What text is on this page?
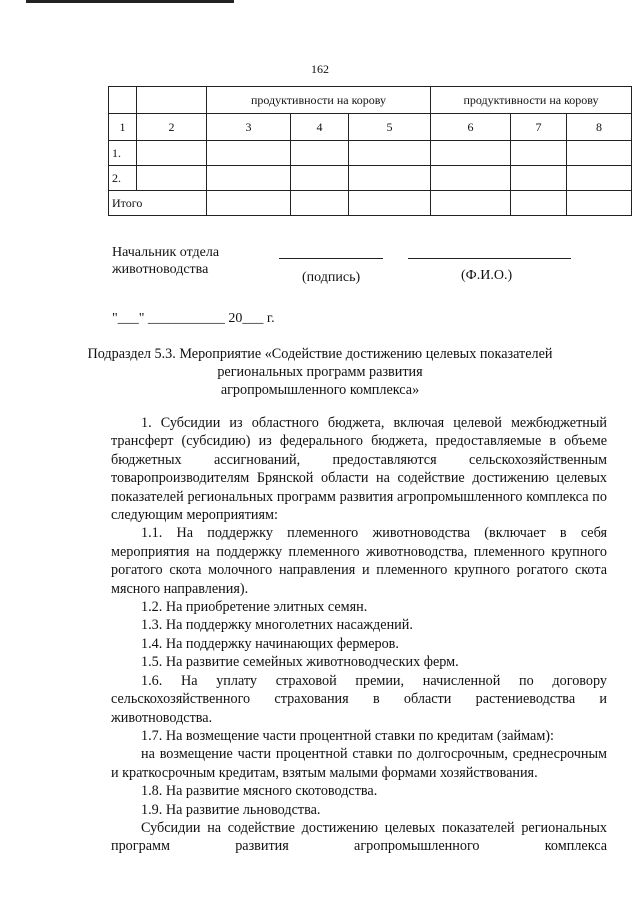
162
		продуктивности на корову			продуктивности на корову		
1	2	3	4	5	6	7	8
1.							
2.							
Итого							
Начальник отдела
животноводства
(подпись)	(Ф.И.О.)
"___" ___________ 20___ г.
Подраздел 5.3. Мероприятие «Содействие достижению целевых показателей
региональных программ развития
агропромышленного комплекса»

1. Субсидии из областного бюджета, включая целевой межбюджетный трансферт (субсидию) из федерального бюджета, предоставляемые в объеме бюджетных ассигнований, предоставляются сельскохозяйственным товаропроизводителям Брянской области на содействие достижению целевых показателей региональных программ развития агропромышленного комплекса по следующим мероприятиям:

1.1. На поддержку племенного животноводства (включает в себя мероприятия на поддержку племенного животноводства, племенного крупного рогатого скота молочного направления и племенного крупного рогатого скота мясного направления).

1.2. На приобретение элитных семян.

1.3. На поддержку многолетних насаждений.

1.4. На поддержку начинающих фермеров.

1.5. На развитие семейных животноводческих ферм.

1.6. На уплату страховой премии, начисленной по договору сельскохозяйственного страхования в области растениеводства и животноводства.

1.7. На возмещение части процентной ставки по кредитам (займам):

на возмещение части процентной ставки по долгосрочным, среднесрочным и краткосрочным кредитам, взятым малыми формами хозяйствования.

1.8. На развитие мясного скотоводства.

1.9. На развитие льноводства.

Субсидии на содействие достижению целевых показателей региональных программ развития агропромышленного комплекса
